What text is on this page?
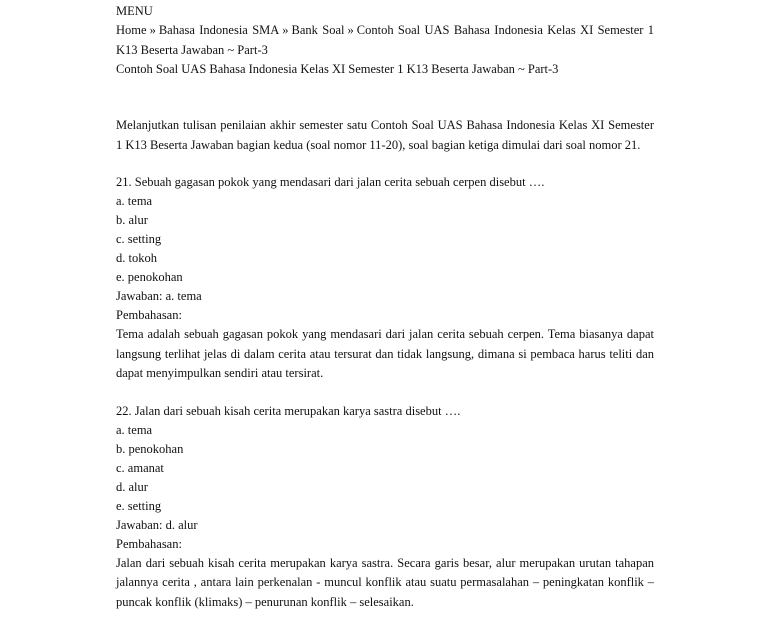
MENU
Home » Bahasa Indonesia SMA » Bank Soal » Contoh Soal UAS Bahasa Indonesia Kelas XI Semester 1 K13 Beserta Jawaban ~ Part-3
Contoh Soal UAS Bahasa Indonesia Kelas XI Semester 1 K13 Beserta Jawaban ~ Part-3

Melanjutkan tulisan penilaian akhir semester satu Contoh Soal UAS Bahasa Indonesia Kelas XI Semester 1 K13 Beserta Jawaban bagian kedua (soal nomor 11-20), soal bagian ketiga dimulai dari soal nomor 21.

21. Sebuah gagasan pokok yang mendasari dari jalan cerita sebuah cerpen disebut ….
a. tema
b. alur
c. setting
d. tokoh
e. penokohan
Jawaban: a. tema
Pembahasan:

Tema adalah sebuah gagasan pokok yang mendasari dari jalan cerita sebuah cerpen. Tema biasanya dapat langsung terlihat jelas di dalam cerita atau tersurat dan tidak langsung, dimana si pembaca harus teliti dan dapat menyimpulkan sendiri atau tersirat.

22. Jalan dari sebuah kisah cerita merupakan karya sastra disebut ….
a. tema
b. penokohan
c. amanat
d. alur
e. setting
Jawaban: d. alur
Pembahasan:

Jalan dari sebuah kisah cerita merupakan karya sastra. Secara garis besar, alur merupakan urutan tahapan jalannya cerita , antara lain perkenalan - muncul konflik atau suatu permasalahan – peningkatan konflik – puncak konflik (klimaks) – penurunan konflik – selesaikan.
